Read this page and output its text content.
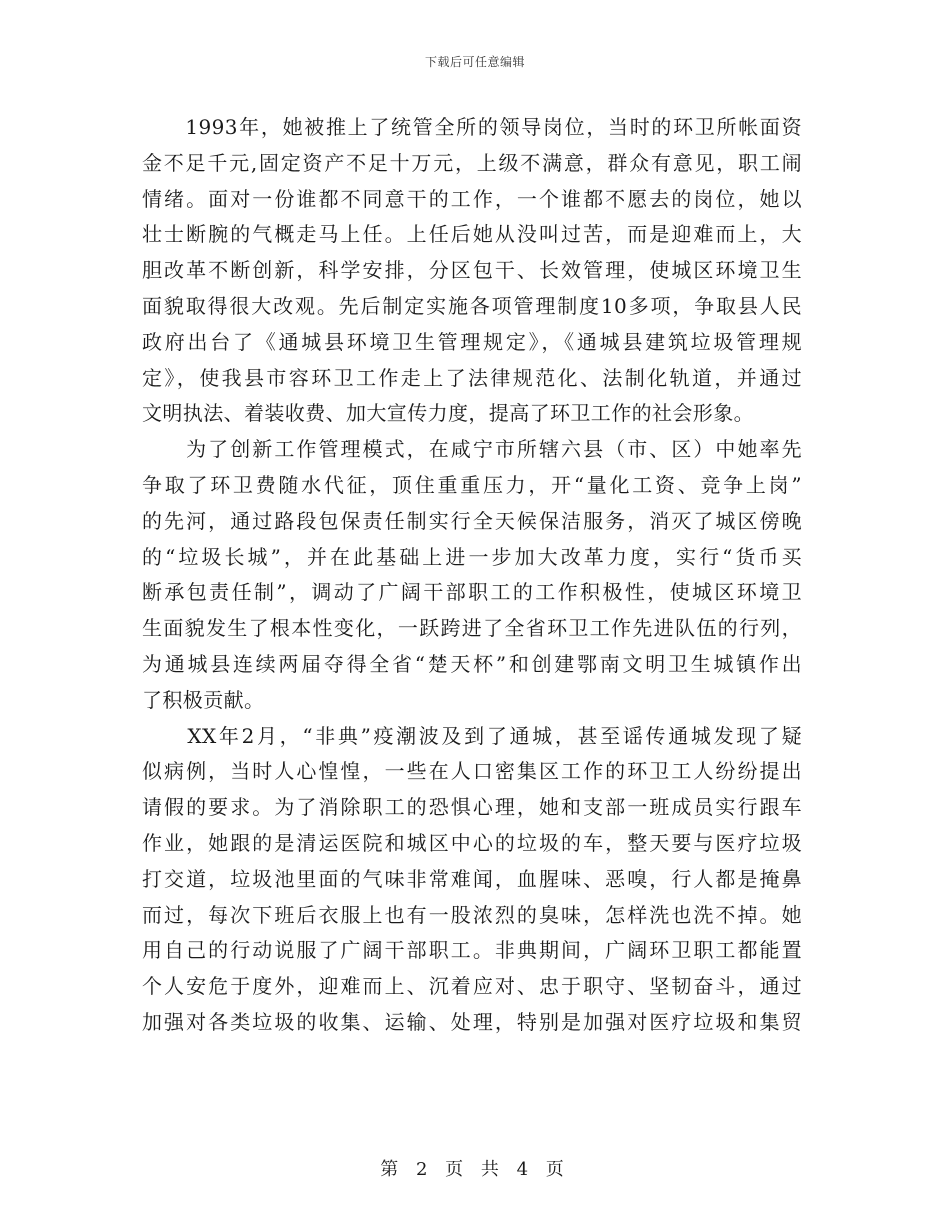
下载后可任意编辑

　　1993年，她被推上了统管全所的领导岗位，当时的环卫所帐面资
金不足千元,固定资产不足十万元，上级不满意，群众有意见，职工闹
情绪。面对一份谁都不同意干的工作，一个谁都不愿去的岗位，她以
壮士断腕的气概走马上任。上任后她从没叫过苦，而是迎难而上，大
胆改革不断创新，科学安排，分区包干、长效管理，使城区环境卫生
面貌取得很大改观。先后制定实施各项管理制度10多项，争取县人民
政府出台了《通城县环境卫生管理规定》，《通城县建筑垃圾管理规
定》，使我县市容环卫工作走上了法律规范化、法制化轨道，并通过
文明执法、着装收费、加大宣传力度，提高了环卫工作的社会形象。

　　为了创新工作管理模式，在咸宁市所辖六县（市、区）中她率先
争取了环卫费随水代征，顶住重重压力，开“量化工资、竞争上岗”
的先河，通过路段包保责任制实行全天候保洁服务，消灭了城区傍晚
的“垃圾长城”，并在此基础上进一步加大改革力度，实行“货币买
断承包责任制”，调动了广阔干部职工的工作积极性，使城区环境卫
生面貌发生了根本性变化，一跃跨进了全省环卫工作先进队伍的行列，
为通城县连续两届夺得全省“楚天杯”和创建鄂南文明卫生城镇作出
了积极贡献。

　　XX年2月，“非典”疫潮波及到了通城，甚至谣传通城发现了疑
似病例，当时人心惶惶，一些在人口密集区工作的环卫工人纷纷提出
请假的要求。为了消除职工的恐惧心理，她和支部一班成员实行跟车
作业，她跟的是清运医院和城区中心的垃圾的车，整天要与医疗垃圾
打交道，垃圾池里面的气味非常难闻，血腥味、恶嗅，行人都是掩鼻
而过，每次下班后衣服上也有一股浓烈的臭味，怎样洗也洗不掉。她
用自己的行动说服了广阔干部职工。非典期间，广阔环卫职工都能置
个人安危于度外，迎难而上、沉着应对、忠于职守、坚韧奋斗，通过
加强对各类垃圾的收集、运输、处理，特别是加强对医疗垃圾和集贸

第 2 页 共 4 页
